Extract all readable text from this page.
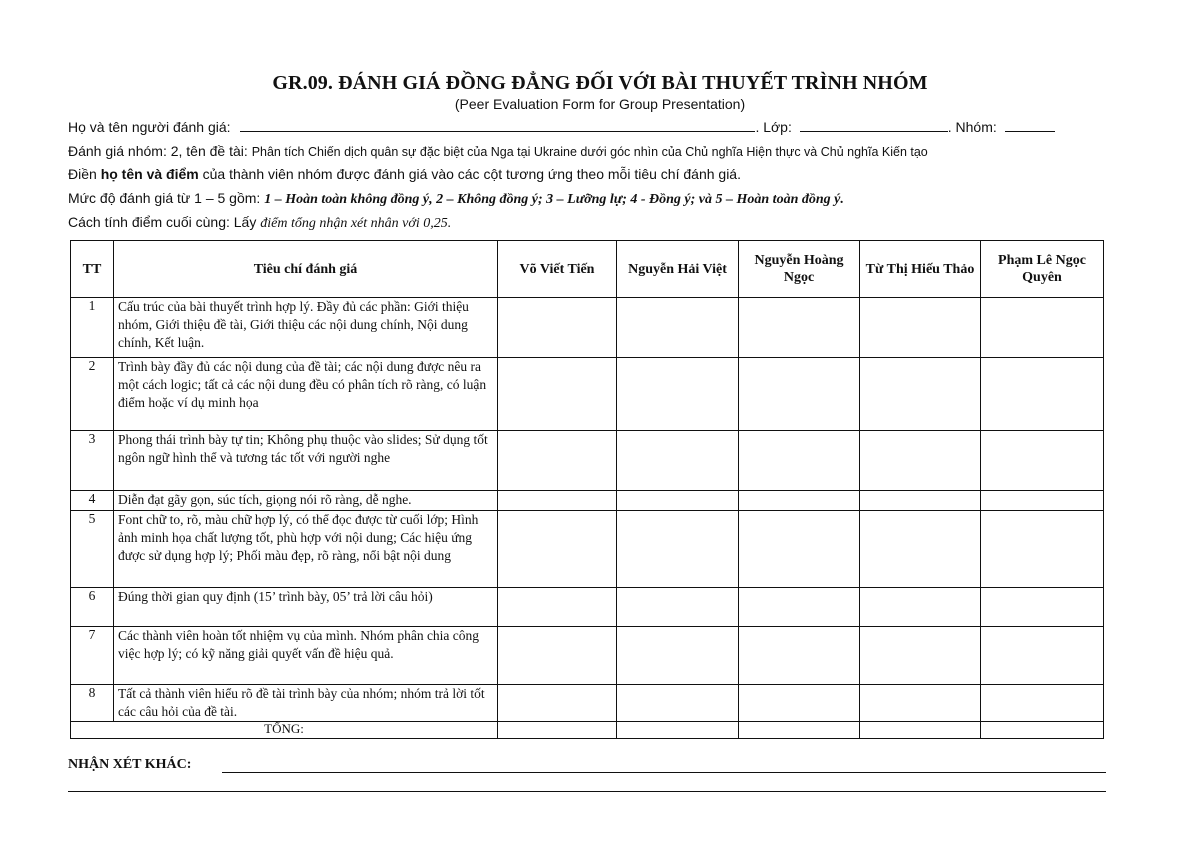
GR.09. ĐÁNH GIÁ ĐỒNG ĐẲNG ĐỐI VỚI BÀI THUYẾT TRÌNH NHÓM
(Peer Evaluation Form for Group Presentation)
Họ và tên người đánh giá:	. Lớp:	. Nhóm:
Đánh giá nhóm: 2, tên đề tài: Phân tích Chiến dịch quân sự đặc biệt của Nga tại Ukraine dưới góc nhìn của Chủ nghĩa Hiện thực và Chủ nghĩa Kiến tạo
Điền họ tên và điểm của thành viên nhóm được đánh giá vào các cột tương ứng theo mỗi tiêu chí đánh giá.
Mức độ đánh giá từ 1 – 5 gồm: 1 – Hoàn toàn không đồng ý, 2 – Không đồng ý; 3 – Lưỡng lự; 4 - Đồng ý; và 5 – Hoàn toàn đồng ý.
Cách tính điểm cuối cùng: Lấy điểm tổng nhận xét nhân với 0,25.
TT	Tiêu chí đánh giá	Võ Viết Tiến	Nguyễn Hải Việt	Nguyễn Hoàng Ngọc	Từ Thị Hiếu Thảo	Phạm Lê Ngọc Quyên
1	Cấu trúc của bài thuyết trình hợp lý. Đầy đủ các phần: Giới thiệu nhóm, Giới thiệu đề tài, Giới thiệu các nội dung chính, Nội dung chính, Kết luận.					
2	Trình bày đầy đủ các nội dung của đề tài; các nội dung được nêu ra một cách logic; tất cả các nội dung đều có phân tích rõ ràng, có luận điểm hoặc ví dụ minh họa					
3	Phong thái trình bày tự tin; Không phụ thuộc vào slides; Sử dụng tốt ngôn ngữ hình thể và tương tác tốt với người nghe					
4	Diễn đạt gãy gọn, súc tích, giọng nói rõ ràng, dễ nghe.					
5	Font chữ to, rõ, màu chữ hợp lý, có thể đọc được từ cuối lớp; Hình ảnh minh họa chất lượng tốt, phù hợp với nội dung; Các hiệu ứng được sử dụng hợp lý; Phối màu đẹp, rõ ràng, nổi bật nội dung					
6	Đúng thời gian quy định (15’ trình bày, 05’ trả lời câu hỏi)					
7	Các thành viên hoàn tốt nhiệm vụ của mình. Nhóm phân chia công việc hợp lý; có kỹ năng giải quyết vấn đề hiệu quả.					
8	Tất cả thành viên hiểu rõ đề tài trình bày của nhóm; nhóm trả lời tốt các câu hỏi của đề tài.					
TỔNG:						
NHẬN XÉT KHÁC:
